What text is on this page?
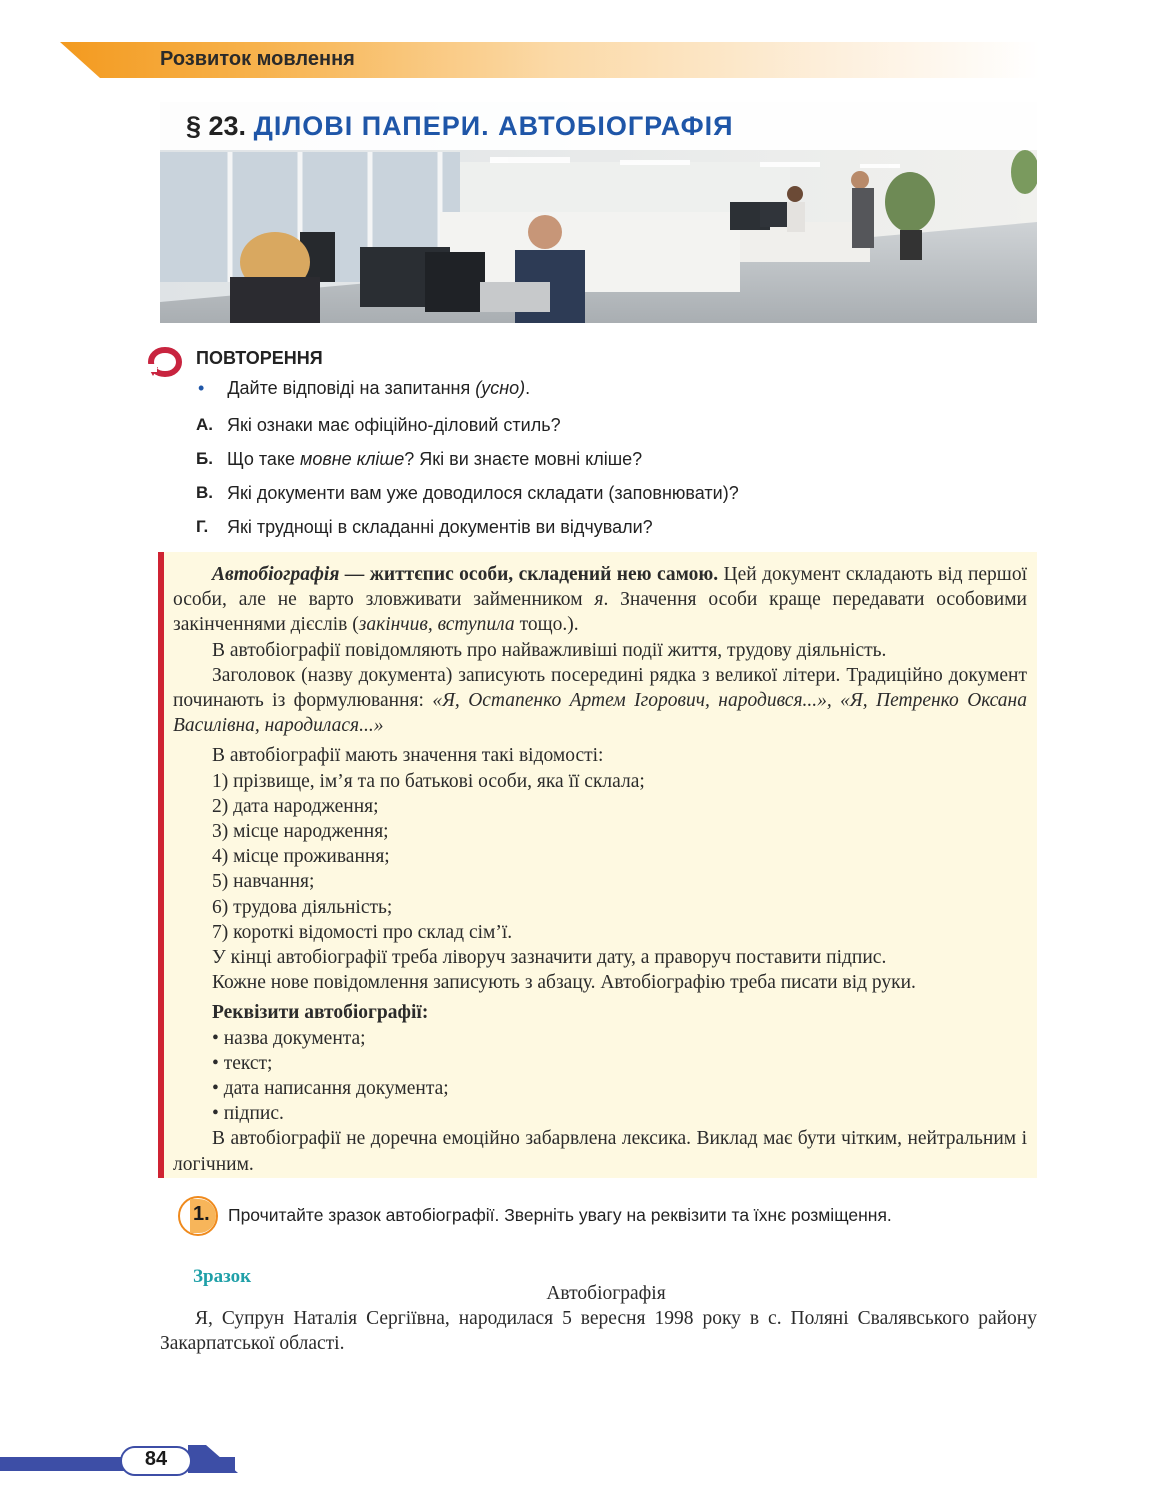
Розвиток мовлення
§ 23. ДІЛОВІ ПАПЕРИ. АВТОБІОГРАФІЯ
ПОВТОРЕННЯ
• Дайте відповіді на запитання (усно).
А. Які ознаки має офіційно-діловий стиль?
Б. Що таке мовне кліше? Які ви знаєте мовні кліше?
В. Які документи вам уже доводилося складати (заповнювати)?
Г. Які труднощі в складанні документів ви відчували?

Автобіографія — життєпис особи, складений нею самою. Цей документ складають від першої особи, але не варто зловживати займенником я. Значення особи краще передавати особовими закінченнями дієслів (закінчив, вступила тощо.).

В автобіографії повідомляють про найважливіші події життя, трудову діяльність.

Заголовок (назву документа) записують посередині рядка з великої літери. Традиційно документ починають із формулювання: «Я, Остапенко Артем Ігорович, народився...», «Я, Петренко Оксана Василівна, народилася...»

В автобіографії мають значення такі відомості:

1) прізвище, ім’я та по батькові особи, яка її склала;

2) дата народження;

3) місце народження;

4) місце проживання;

5) навчання;

6) трудова діяльність;

7) короткі відомості про склад сім’ї.

У кінці автобіографії треба ліворуч зазначити дату, а праворуч поставити підпис.

Кожне нове повідомлення записують з абзацу. Автобіографію треба писати від руки.

Реквізити автобіографії:

• назва документа;

• текст;

• дата написання документа;

• підпис.

В автобіографії не доречна емоційно забарвлена лексика. Виклад має бути чітким, нейтральним і логічним.

1. Прочитайте зразок автобіографії. Зверніть увагу на реквізити та їхнє розміщення.
Зразок
Автобіографія

Я, Супрун Наталія Сергіївна, народилася 5 вересня 1998 року в с. Поляні Свалявського району Закарпатської області.

84
